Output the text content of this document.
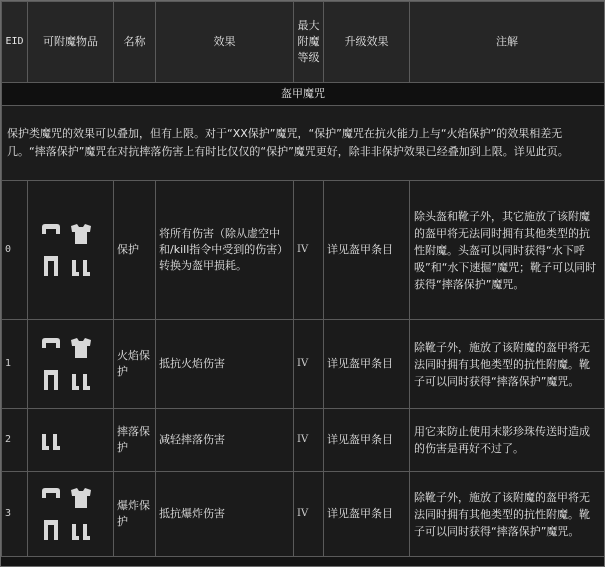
EID	可附魔物品	名称	效果	最大附魔等级	升级效果	注解
盔甲魔咒						
保护类魔咒的效果可以叠加，但有上限。对于“XX保护”魔咒，“保护”魔咒在抗火能力上与“火焰保护”的效果相差无几。“摔落保护”魔咒在对抗摔落伤害上有时比仅仅的“保护”魔咒更好，除非非保护效果已经叠加到上限。详见此页。						
0		保护	将所有伤害（除从虚空中和/kill指令中受到的伤害）转换为盔甲损耗。	IV	详见盔甲条目	除头盔和靴子外，其它施放了该附魔的盔甲将无法同时拥有其他类型的抗性附魔。头盔可以同时获得“水下呼吸”和“水下速掘”魔咒；靴子可以同时获得“摔落保护”魔咒。
1		火焰保护	抵抗火焰伤害	IV	详见盔甲条目	除靴子外，施放了该附魔的盔甲将无法同时拥有其他类型的抗性附魔。靴子可以同时获得“摔落保护”魔咒。
2		摔落保护	减轻摔落伤害	IV	详见盔甲条目	用它来防止使用末影珍珠传送时造成的伤害是再好不过了。
3		爆炸保护	抵抗爆炸伤害	IV	详见盔甲条目	除靴子外，施放了该附魔的盔甲将无法同时拥有其他类型的抗性附魔。靴子可以同时获得“摔落保护”魔咒。
